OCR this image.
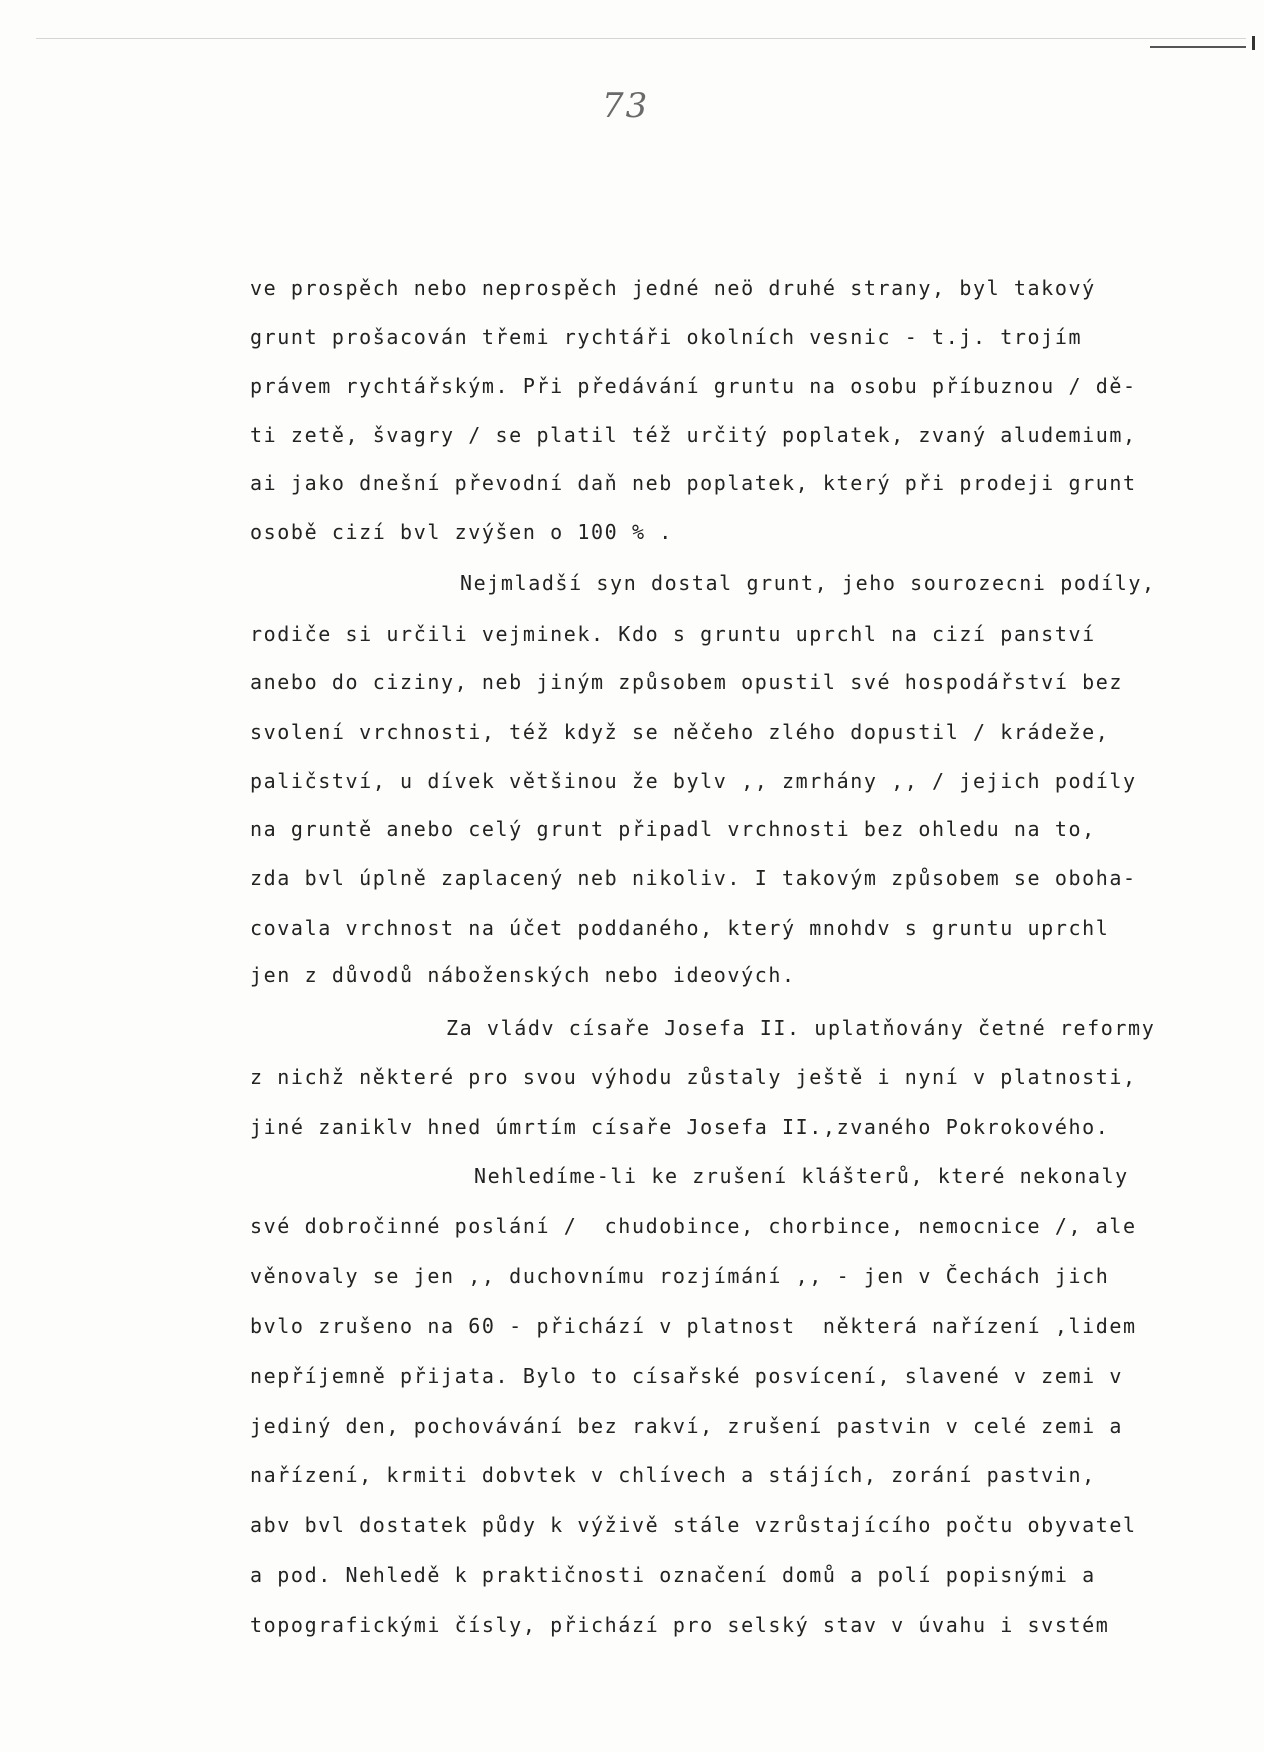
73
ve prospěch nebo neprospěch jedné neö druhé strany, byl takový
grunt prošacován třemi rychtáři okolních vesnic - t.j. trojím
právem rychtářským. Při předávání gruntu na osobu příbuznou / dě-
ti zetě, švagry / se platil též určitý poplatek, zvaný aludemium,
ai jako dnešní převodní daň neb poplatek, který při prodeji grunt
osobě cizí bvl zvýšen o 100 % .
Nejmladší syn dostal grunt, jeho sourozecni podíly,
rodiče si určili vejminek. Kdo s gruntu uprchl na cizí panství
anebo do ciziny, neb jiným způsobem opustil své hospodářství bez
svolení vrchnosti, též když se něčeho zlého dopustil / krádeže,
paličství, u dívek většinou že bylv ,, zmrhány ,, / jejich podíly
na gruntě anebo celý grunt připadl vrchnosti bez ohledu na to,
zda bvl úplně zaplacený neb nikoliv. I takovým způsobem se oboha-
covala vrchnost na účet poddaného, který mnohdv s gruntu uprchl
jen z důvodů náboženských nebo ideových.
Za vládv císaře Josefa II. uplatňovány četné reformy
z nichž některé pro svou výhodu zůstaly ještě i nyní v platnosti,
jiné zaniklv hned úmrtím císaře Josefa II.,zvaného Pokrokového.
Nehledíme-li ke zrušení klášterů, které nekonaly
své dobročinné poslání /  chudobince, chorbince, nemocnice /, ale
věnovaly se jen ,, duchovnímu rozjímání ,, - jen v Čechách jich
bvlo zrušeno na 60 - přichází v platnost  některá nařízení ,lidem
nepříjemně přijata. Bylo to císařské posvícení, slavené v zemi v
jediný den, pochovávání bez rakví, zrušení pastvin v celé zemi a
nařízení, krmiti dobvtek v chlívech a stájích, zorání pastvin,
abv bvl dostatek půdy k výživě stále vzrůstajícího počtu obyvatel
a pod. Nehledě k praktičnosti označení domů a polí popisnými a
topografickými čísly, přichází pro selský stav v úvahu i svstém
